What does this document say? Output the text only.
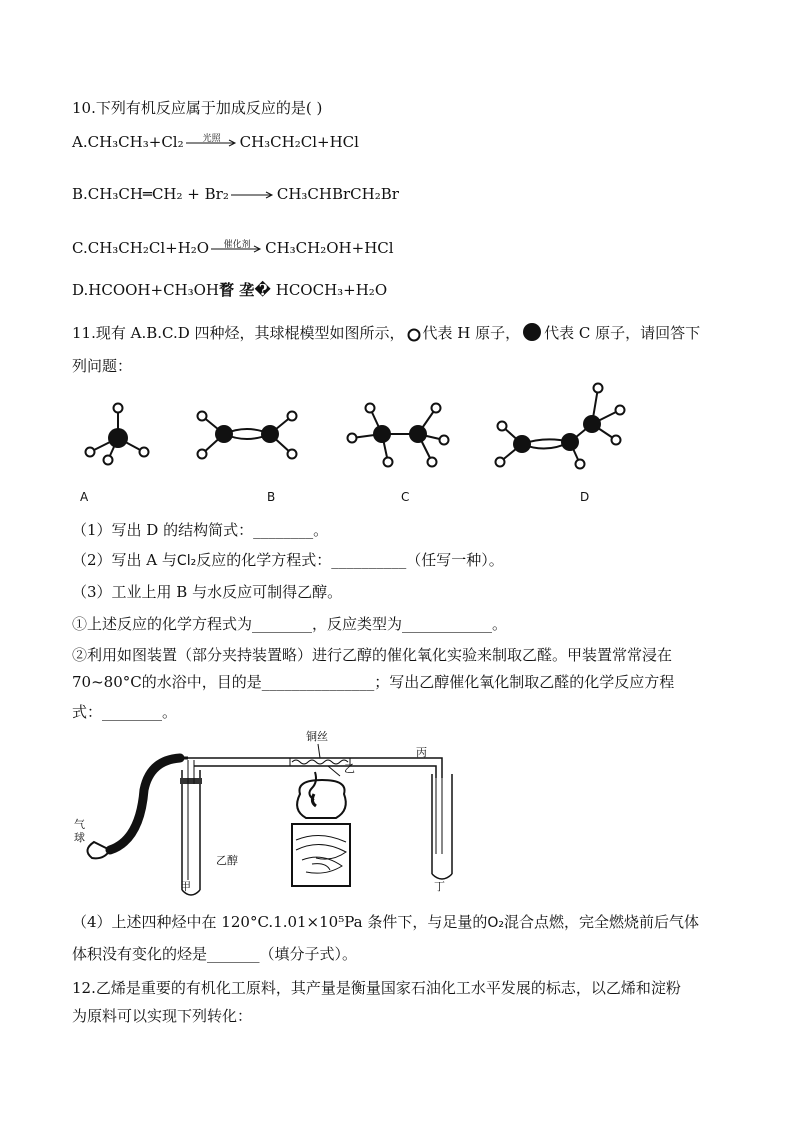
10.下列有机反应属于加成反应的是( )
A.CH₃CH₃+Cl₂	光照	CH₃CH₂Cl+HCl
B.CH₃CH═CH₂ + Br₂ → CH₃CHBrCH₂Br
C.CH₃CH₂Cl+H₂O	催化剂 CH₃CH₂OH+HCl
D.HCOOH+CH₃OH瞀 垄� HCOCH₃+H₂O
11.现有 A.B.C.D 四种烃，其球棍模型如图所示， 代表 H 原子， 代表 C 原子，请回答下
列问题：
A	B	C	D
（1）写出 D 的结构简式：________。
（2）写出 A 与Cl₂反应的化学方程式：__________（任写一种）。
（3）工业上用 B 与水反应可制得乙醇。
①上述反应的化学方程式为________，反应类型为____________。
②利用如图装置（部分夹持装置略）进行乙醇的催化氧化实验来制取乙醛。甲装置常常浸在
70~80°C的水浴中，目的是_______________；写出乙醇催化氧化制取乙醛的化学反应方程
式：________。
铜丝
乙
丙
气球
乙醇
甲	丁
（4）上述四种烃中在 120°C.1.01×10⁵Pa 条件下，与足量的O₂混合点燃，完全燃烧前后气体
体积没有变化的烃是_______（填分子式）。
12.乙烯是重要的有机化工原料，其产量是衡量国家石油化工水平发展的标志，以乙烯和淀粉
为原料可以实现下列转化：
